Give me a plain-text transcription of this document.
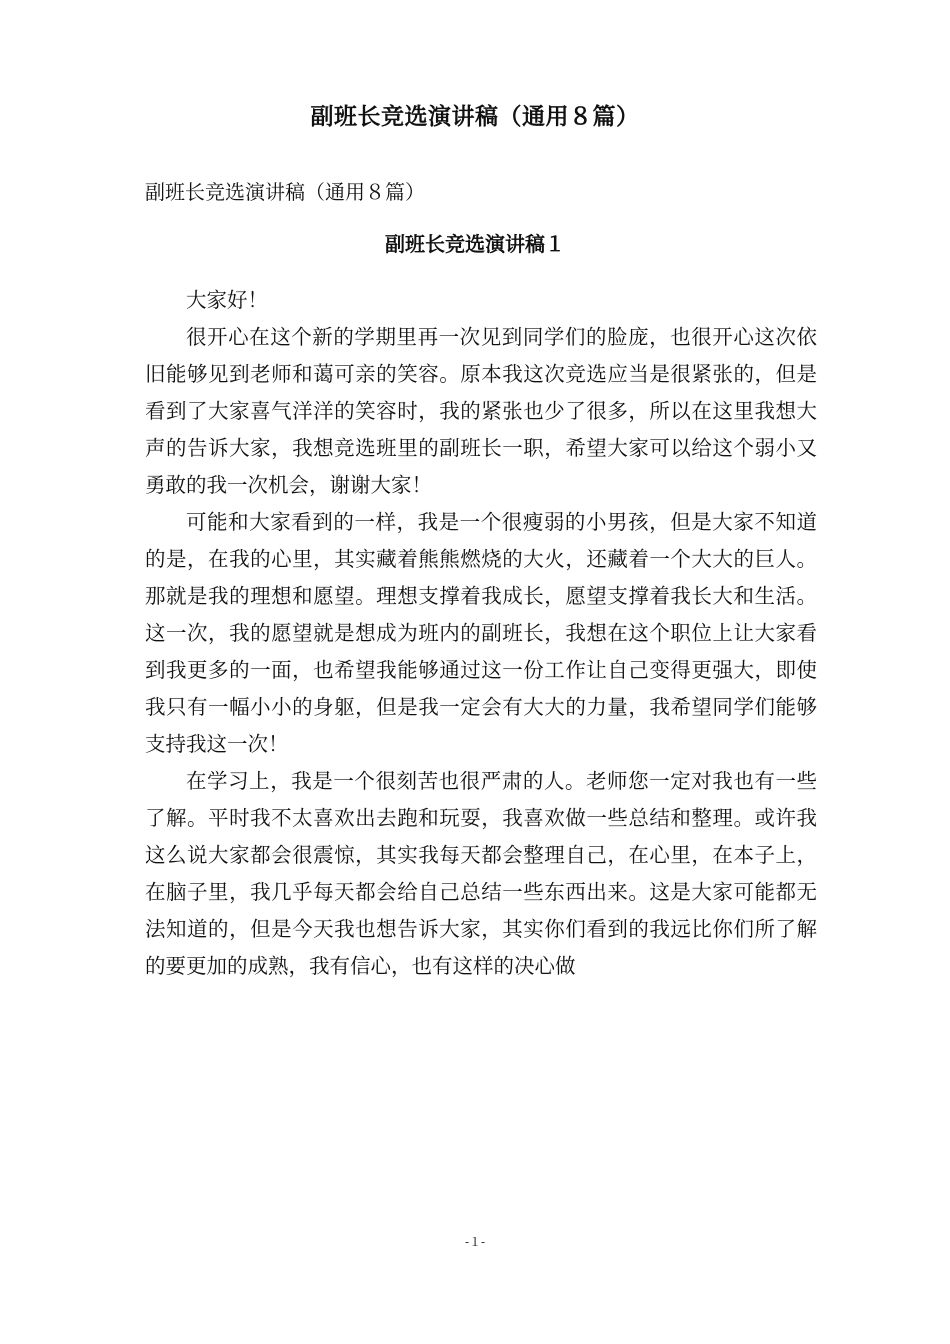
副班长竞选演讲稿（通用８篇）
副班长竞选演讲稿（通用８篇）
副班长竞选演讲稿１

大家好！

很开心在这个新的学期里再一次见到同学们的脸庞，也很开心这次依旧能够见到老师和蔼可亲的笑容。原本我这次竞选应当是很紧张的，但是看到了大家喜气洋洋的笑容时，我的紧张也少了很多，所以在这里我想大声的告诉大家，我想竞选班里的副班长一职，希望大家可以给这个弱小又勇敢的我一次机会，谢谢大家！

可能和大家看到的一样，我是一个很瘦弱的小男孩，但是大家不知道的是，在我的心里，其实藏着熊熊燃烧的大火，还藏着一个大大的巨人。那就是我的理想和愿望。理想支撑着我成长，愿望支撑着我长大和生活。这一次，我的愿望就是想成为班内的副班长，我想在这个职位上让大家看到我更多的一面，也希望我能够通过这一份工作让自己变得更强大，即使我只有一幅小小的身躯，但是我一定会有大大的力量，我希望同学们能够支持我这一次！

在学习上，我是一个很刻苦也很严肃的人。老师您一定对我也有一些了解。平时我不太喜欢出去跑和玩耍，我喜欢做一些总结和整理。或许我这么说大家都会很震惊，其实我每天都会整理自己，在心里，在本子上，在脑子里，我几乎每天都会给自己总结一些东西出来。这是大家可能都无法知道的，但是今天我也想告诉大家，其实你们看到的我远比你们所了解的要更加的成熟，我有信心，也有这样的决心做

-１-
